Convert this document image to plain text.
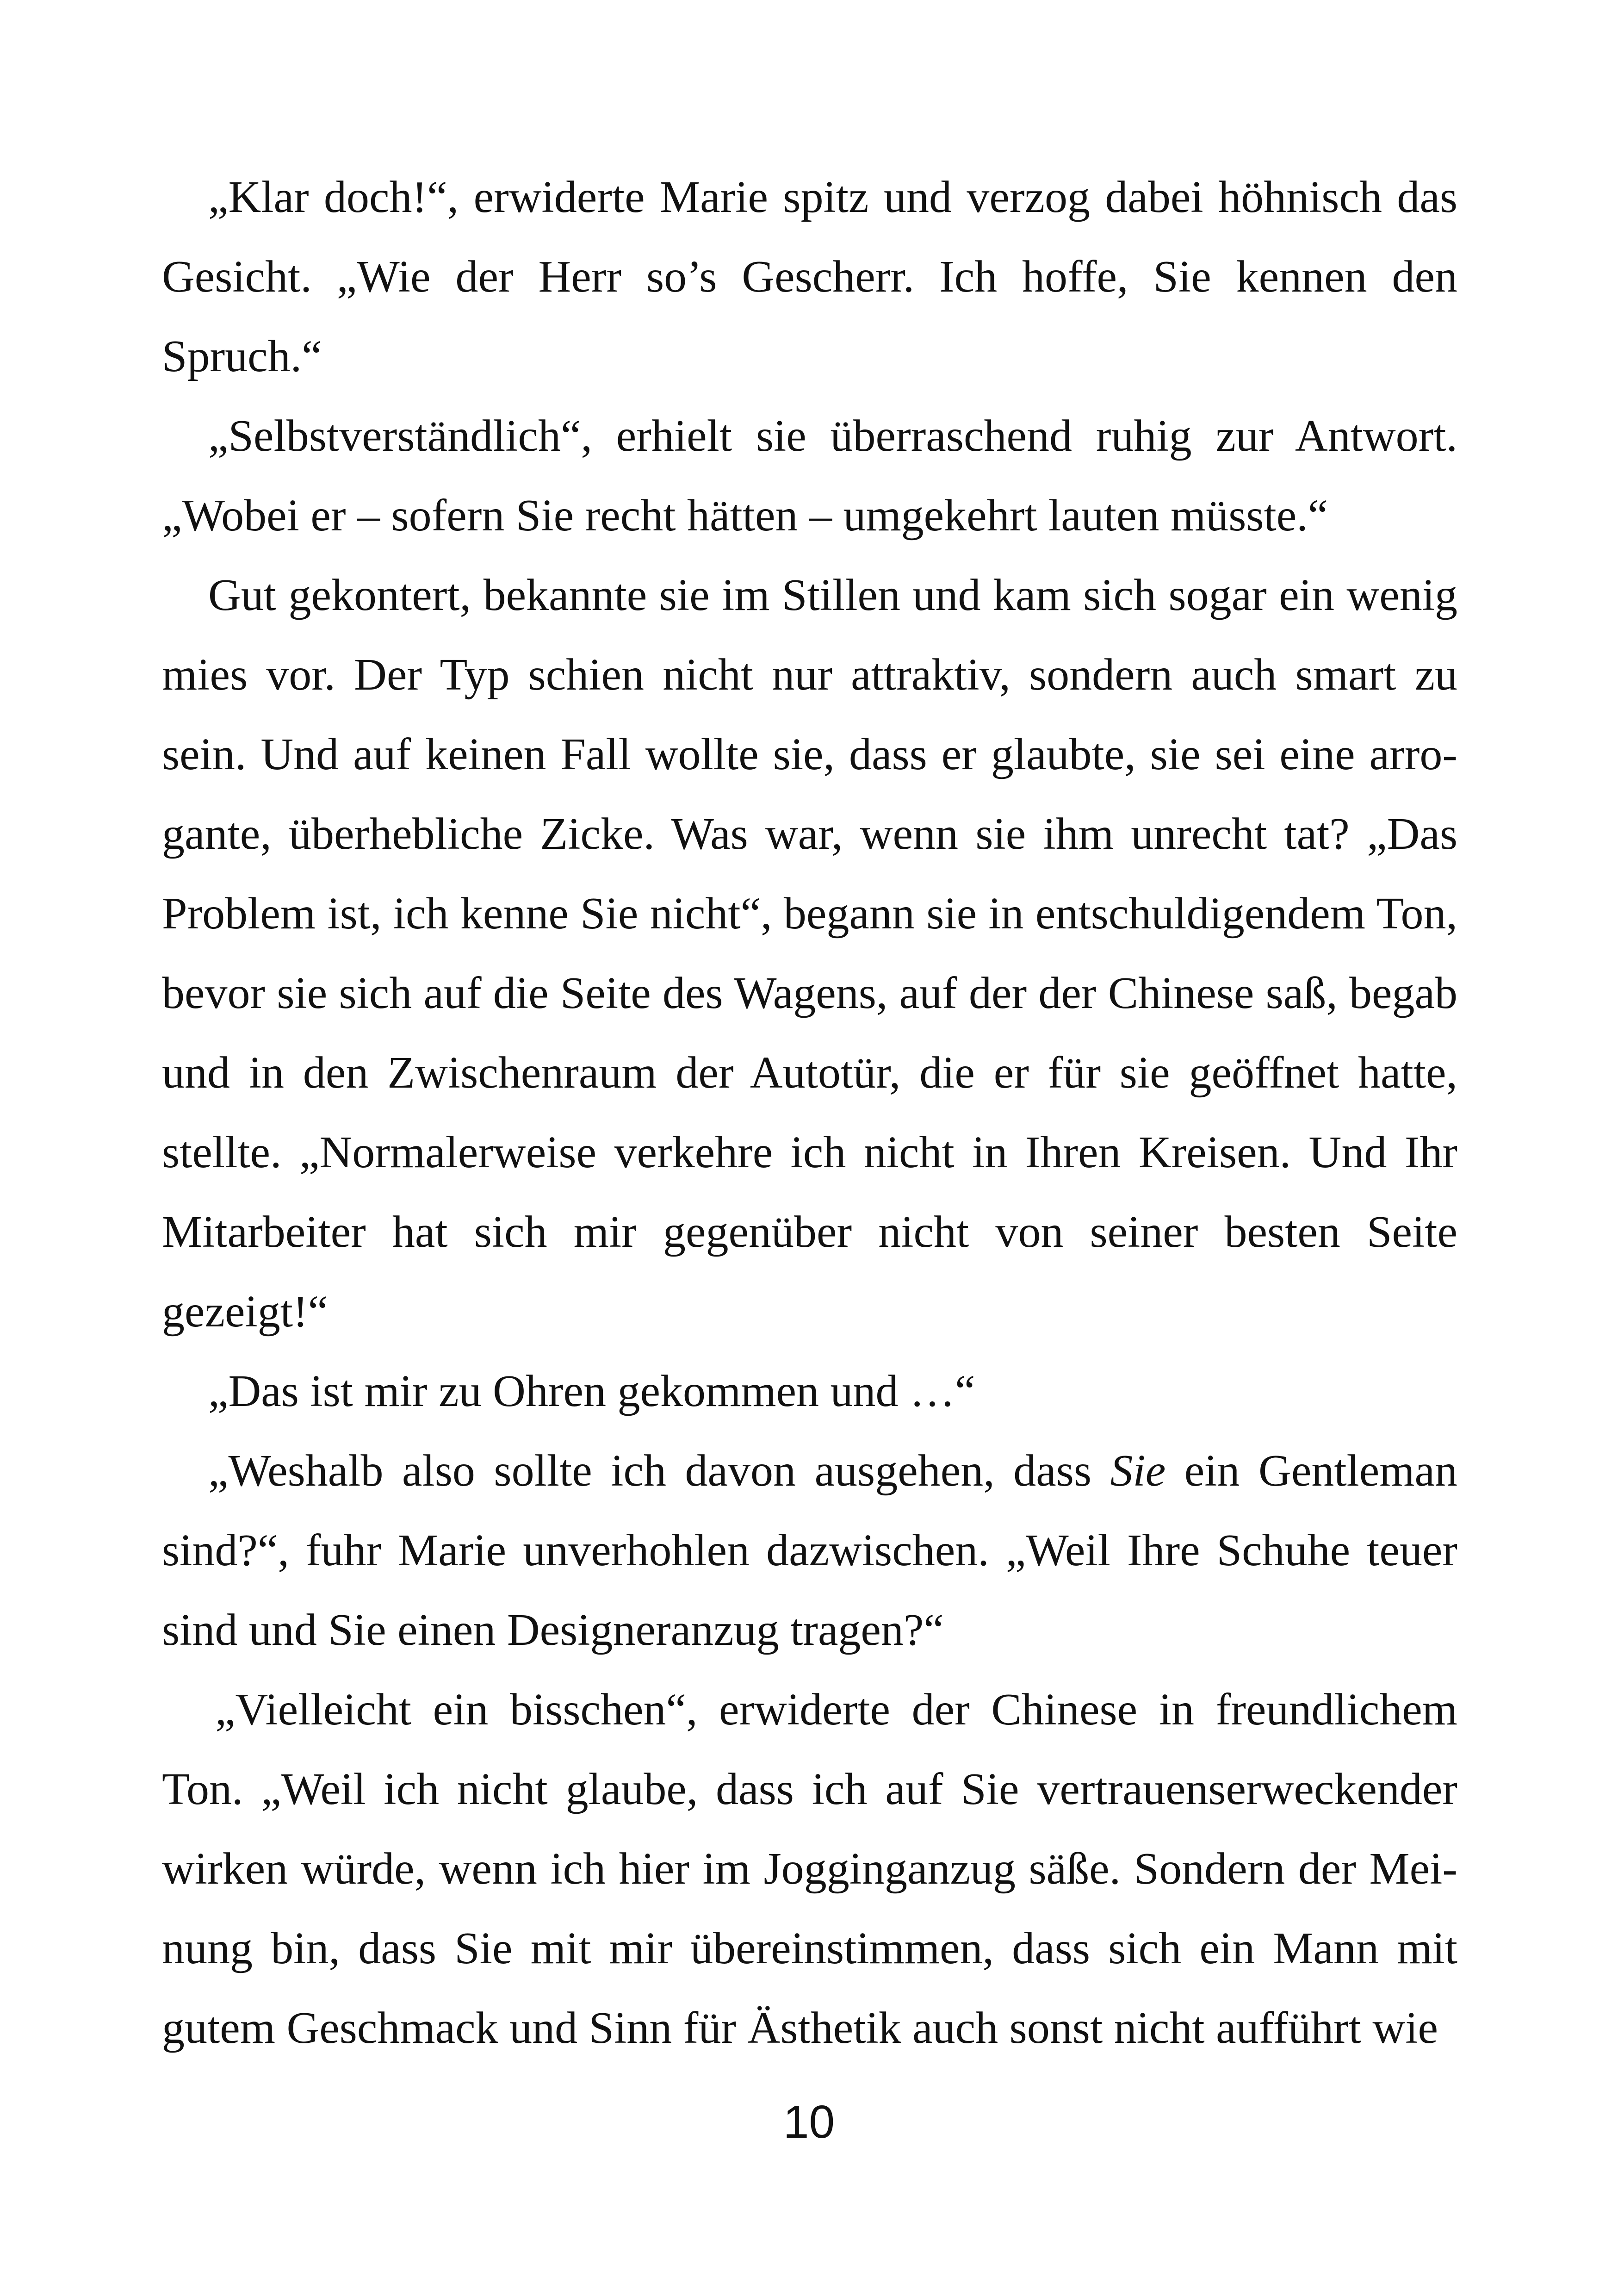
„Klar doch!“, erwiderte Marie spitz und verzog dabei höhnisch das Gesicht. „Wie der Herr so’s Gescherr. Ich hoffe, Sie kennen den Spruch.“

„Selbstverständlich“, erhielt sie überraschend ruhig zur Antwort. „Wobei er – sofern Sie recht hätten – umgekehrt lauten müsste.“

Gut gekontert, bekannte sie im Stillen und kam sich sogar ein wenig mies vor. Der Typ schien nicht nur attraktiv, sondern auch smart zu sein. Und auf keinen Fall wollte sie, dass er glaubte, sie sei eine arrogante, überhebliche Zicke. Was war, wenn sie ihm unrecht tat? „Das Problem ist, ich kenne Sie nicht“, begann sie in entschuldigendem Ton, bevor sie sich auf die Seite des Wagens, auf der der Chinese saß, begab und in den Zwischenraum der Autotür, die er für sie geöffnet hatte, stellte. „Normalerweise verkehre ich nicht in Ihren Kreisen. Und Ihr Mitarbeiter hat sich mir gegenüber nicht von seiner besten Seite gezeigt!“

„Das ist mir zu Ohren gekommen und …“

„Weshalb also sollte ich davon ausgehen, dass Sie ein Gentleman sind?“, fuhr Marie unverhohlen dazwischen. „Weil Ihre Schuhe teuer sind und Sie einen Designeranzug tragen?“

„Vielleicht ein bisschen“, erwiderte der Chinese in freundlichem Ton. „Weil ich nicht glaube, dass ich auf Sie vertrauenserweckender wirken würde, wenn ich hier im Jogginganzug säße. Sondern der Meinung bin, dass Sie mit mir übereinstimmen, dass sich ein Mann mit gutem Geschmack und Sinn für Ästhetik auch sonst nicht aufführt wie

10
